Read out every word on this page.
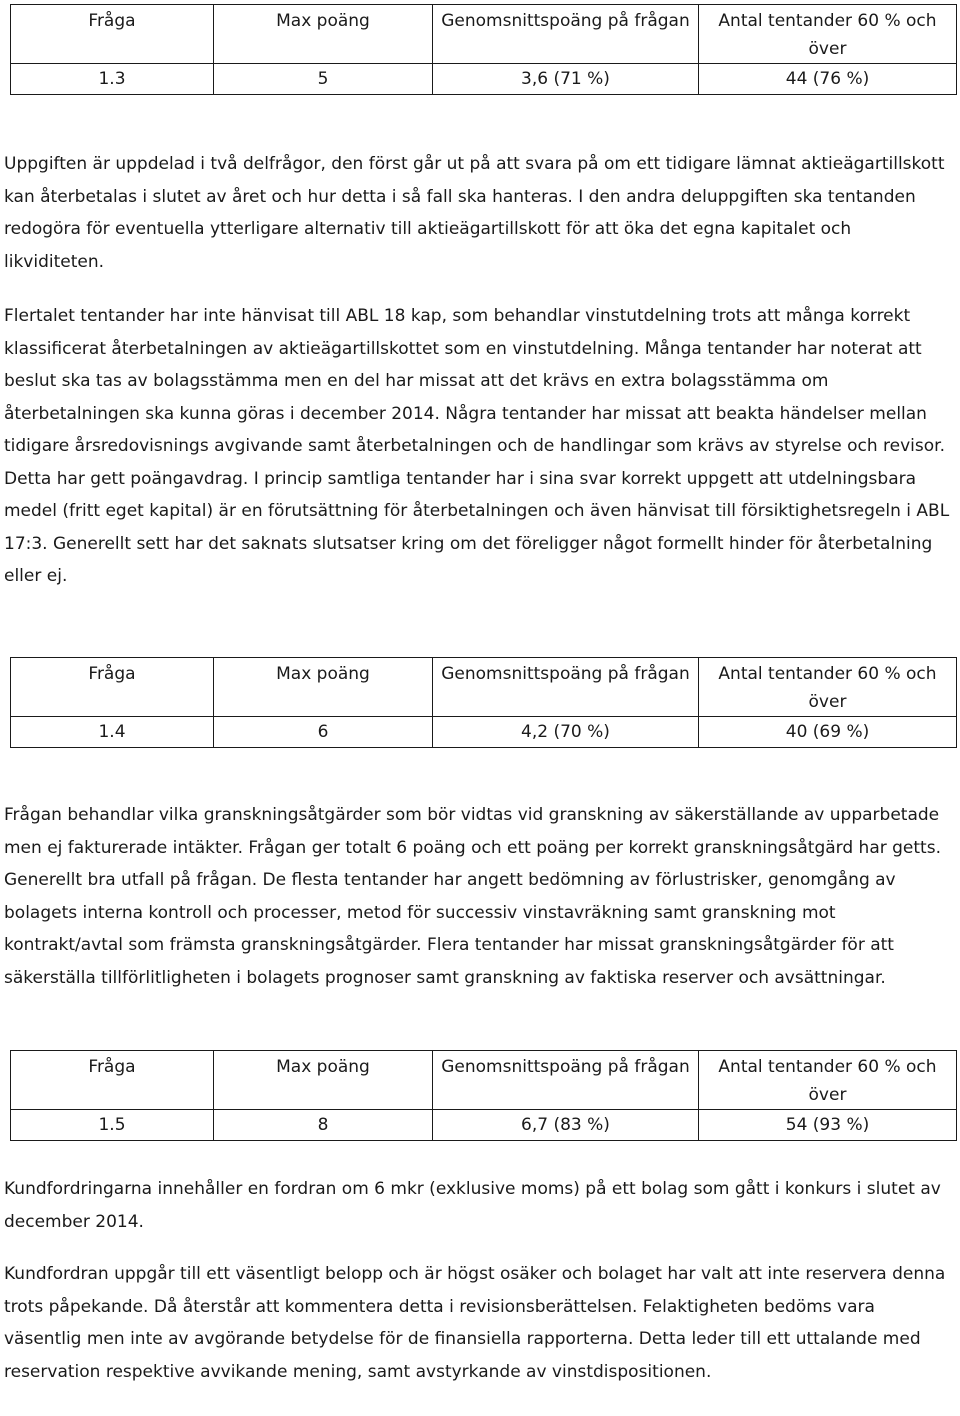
Fråga	Max poäng	Genomsnittspoäng på frågan	Antal tentander 60 % och över
1.3	5	3,6 (71 %)	44 (76 %)

Uppgiften är uppdelad i två delfrågor, den först går ut på att svara på om ett tidigare lämnat aktieägartillskott kan återbetalas i slutet av året och hur detta i så fall ska hanteras. I den andra deluppgiften ska tentanden redogöra för eventuella ytterligare alternativ till aktieägartillskott för att öka det egna kapitalet och likviditeten.

Flertalet tentander har inte hänvisat till ABL 18 kap, som behandlar vinstutdelning trots att många korrekt klassificerat återbetalningen av aktieägartillskottet som en vinstutdelning. Många tentander har noterat att beslut ska tas av bolagsstämma men en del har missat att det krävs en extra bolagsstämma om återbetalningen ska kunna göras i december 2014. Några tentander har missat att beakta händelser mellan tidigare årsredovisnings avgivande samt återbetalningen och de handlingar som krävs av styrelse och revisor. Detta har gett poängavdrag. I princip samtliga tentander har i sina svar korrekt uppgett att utdelningsbara medel (fritt eget kapital) är en förutsättning för återbetalningen och även hänvisat till försiktighetsregeln i ABL 17:3. Generellt sett har det saknats slutsatser kring om det föreligger något formellt hinder för återbetalning eller ej.

Fråga	Max poäng	Genomsnittspoäng på frågan	Antal tentander 60 % och över
1.4	6	4,2 (70 %)	40 (69 %)

Frågan behandlar vilka granskningsåtgärder som bör vidtas vid granskning av säkerställande av upparbetade men ej fakturerade intäkter. Frågan ger totalt 6 poäng och ett poäng per korrekt granskningsåtgärd har getts. Generellt bra utfall på frågan. De flesta tentander har angett bedömning av förlustrisker, genomgång av bolagets interna kontroll och processer, metod för successiv vinstavräkning samt granskning mot kontrakt/avtal som främsta granskningsåtgärder. Flera tentander har missat granskningsåtgärder för att säkerställa tillförlitligheten i bolagets prognoser samt granskning av faktiska reserver och avsättningar.

Fråga	Max poäng	Genomsnittspoäng på frågan	Antal tentander 60 % och över
1.5	8	6,7 (83 %)	54 (93 %)

Kundfordringarna innehåller en fordran om 6 mkr (exklusive moms) på ett bolag som gått i konkurs i slutet av december 2014.

Kundfordran uppgår till ett väsentligt belopp och är högst osäker och bolaget har valt att inte reservera denna trots påpekande. Då återstår att kommentera detta i revisionsberättelsen. Felaktigheten bedöms vara väsentlig men inte av avgörande betydelse för de finansiella rapporterna. Detta leder till ett uttalande med reservation respektive avvikande mening, samt avstyrkande av vinstdispositionen.
